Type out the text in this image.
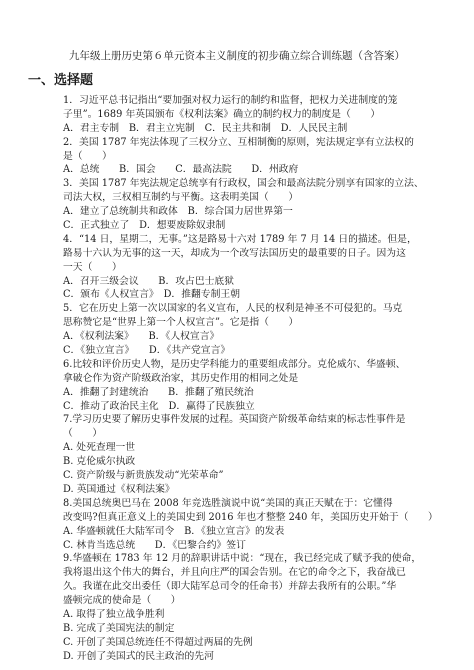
九年级上册历史第６单元资本主义制度的初步确立综合训练题（含答案）
一、选择题
1．习近平总书记指出“要加强对权力运行的制约和监督，把权力关进制度的笼
子里”。1689 年英国颁布《权利法案》确立的制约权力的制度是（　　）
A．君主专制　B．君主立宪制　C．民主共和制　D．人民民主制
2．美国 1787 年宪法体现了三权分立、互相制衡的原则，宪法规定享有立法权的
是（　　）
A．总统　　B．国会　　C．最高法院　　D．州政府
3．美国 1787 年宪法规定总统享有行政权，国会和最高法院分别享有国家的立法、
司法大权，三权相互制约与平衡。这表明美国（　　）
A．建立了总统制共和政体　B．综合国力居世界第一
C．正式独立了　D．想要废除奴隶制
4．“14 日，星期二，无事。”这是路易十六对 1789 年 7 月 14 日的描述。但是，
路易十六认为无事的这一天，却成为一个改写法国历史的最重要的日子。因为这
一天（　　）
A．召开三级会议　　B．攻占巴士底狱
C．颁布《人权宣言》　D．推翻专制王朝
5．它在历史上第一次以国家的名义宣布，人民的权利是神圣不可侵犯的。马克
思称赞它是“世界上第一个人权宣言”。它是指（　　）
A．《权利法案》　　B．《人权宣言》
C．《独立宣言》　　D．《共产党宣言》
6.比较和评价历史人物，是历史学科能力的重要组成部分。克伦威尔、华盛顿、
拿破仑作为资产阶级政治家，其历史作用的相同之处是
A．推翻了封建统治　　B．推翻了殖民统治
C．推动了政治民主化　D．赢得了民族独立
7.学习历史要了解历史事件发展的过程。英国资产阶级革命结束的标志性事件是
（　　）
A. 处死查理一世
B. 克伦威尔执政
C. 资产阶级与新贵族发动“光荣革命”
D. 英国通过《权利法案》
8.美国总统奥巴马在 2008 年竞选胜演说中说“美国的真正天赋在于：它懂得
改变吗?但真正意义上的美国史到 2016 年也才整整 240 年，美国历史开始于（　　）
A. 华盛顿就任大陆军司令　B．《独立宣言》的发表
C. 林肯当选总统　　D．《巴黎合约》签订
9.华盛顿在 1783 年 12 月的辞职讲话中说：“现在，我已经完成了赋予我的使命，
我将退出这个伟大的舞台，并且向庄严的国会告别。在它的命令之下，我奋战已
久。我谨在此交出委任（即大陆军总司令的任命书）并辞去我所有的公职。”华
盛顿完成的使命是（　　）
A. 取得了独立战争胜利
B. 完成了美国宪法的制定
C. 开创了美国总统连任不得超过两届的先例
D. 开创了美国式的民主政治的先河
